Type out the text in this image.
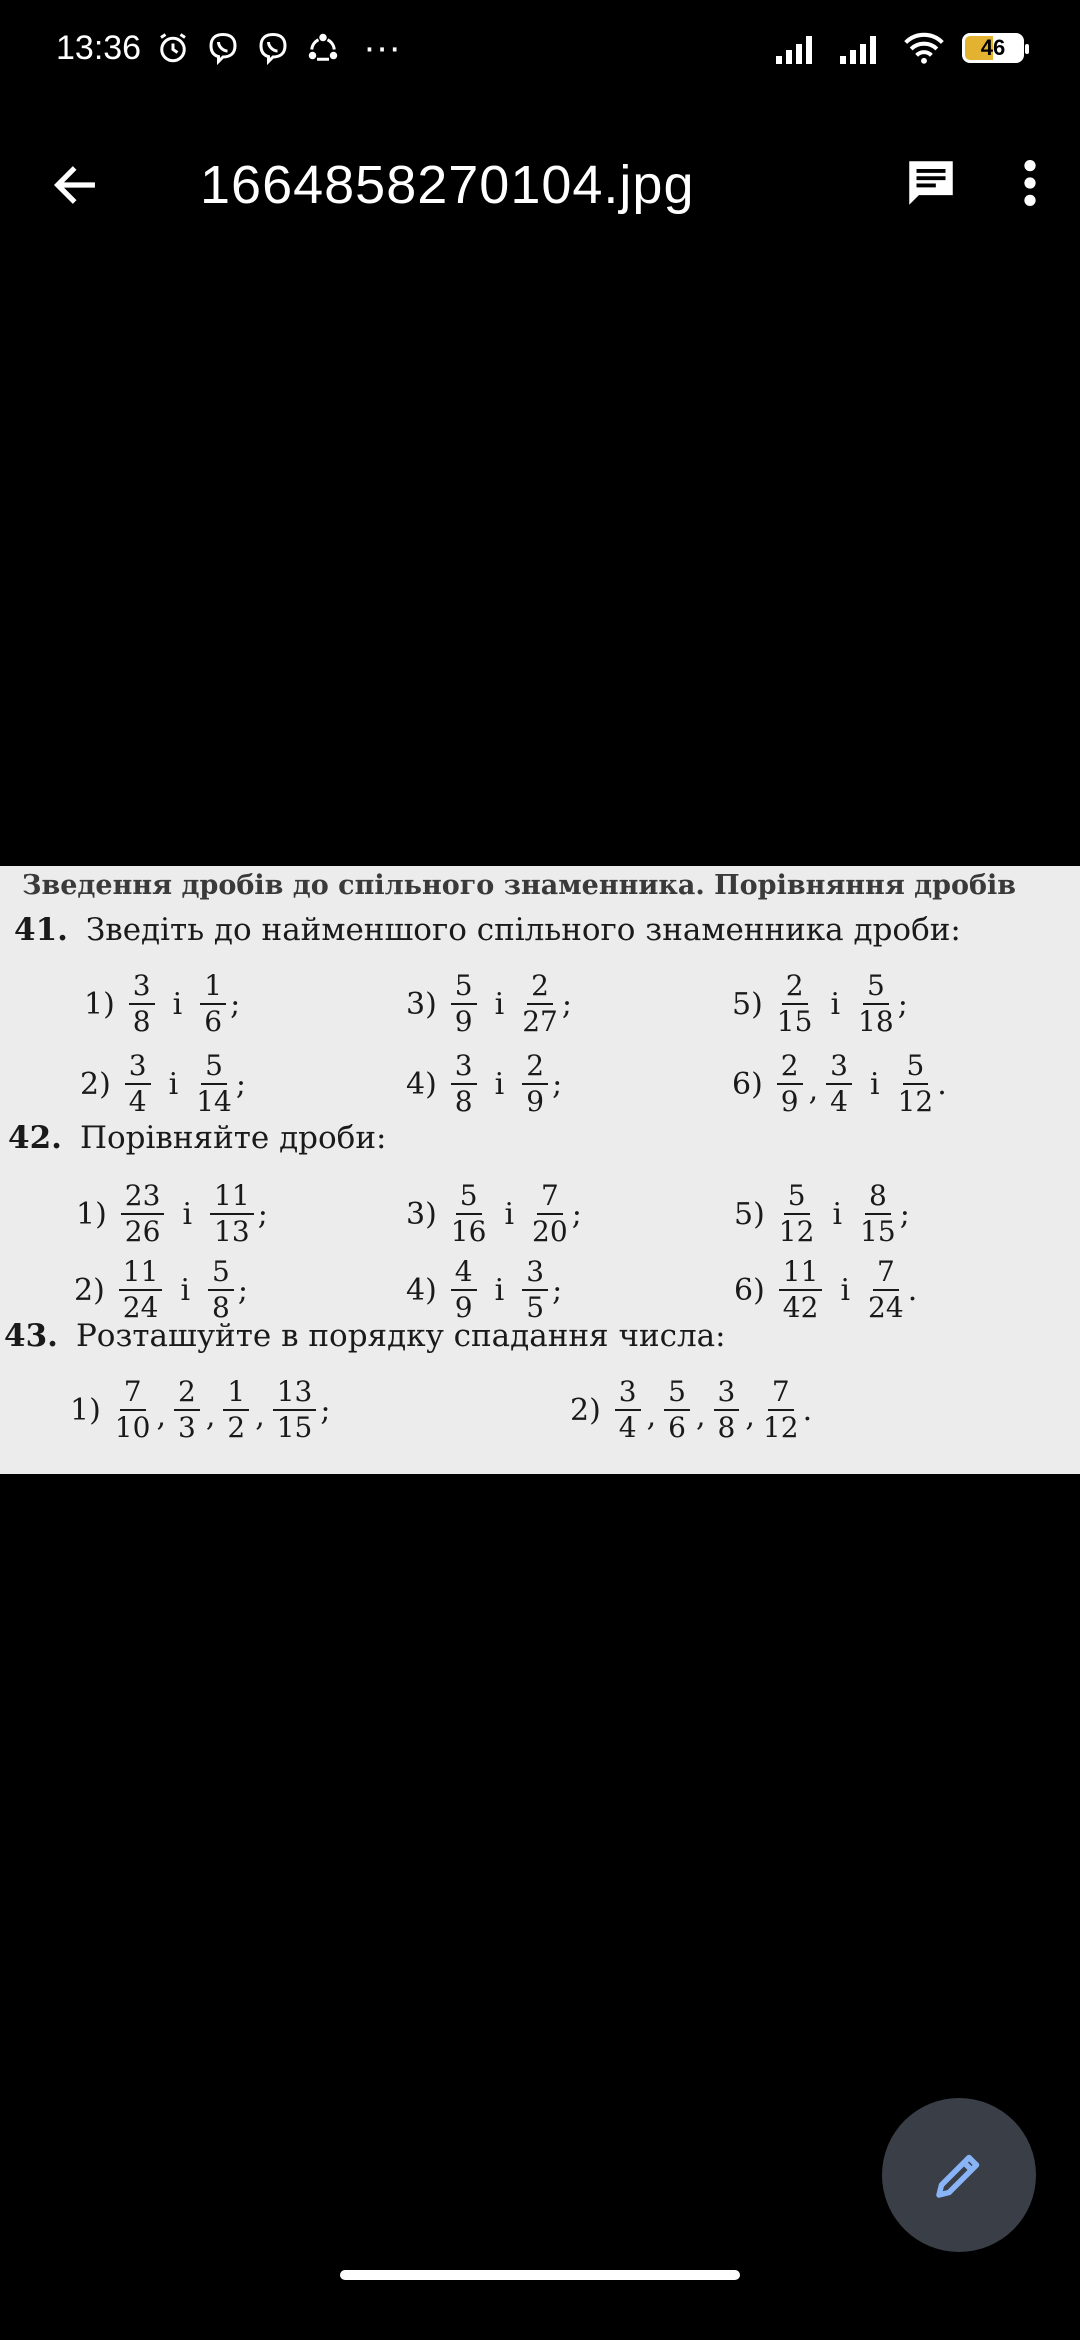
13:36	···	46
1664858270104.jpg
Зведення дробів до спільного знаменника. Порівняння дробів
41. Зведіть до найменшого спільного знаменника дроби:
$1) \frac{3}{8}$ і $\frac{1}{6}$ ;	$3) \frac{5}{9}$ і $\frac{2}{27}$ ;	$5) \frac{2}{15}$ і $\frac{5}{18}$ ;
$2) \frac{3}{4}$ і $\frac{5}{14}$ ;	$4) \frac{3}{8}$ і $\frac{2}{9}$ ;	$6) \frac{2}{9}$ , $\frac{3}{4}$ і $\frac{5}{12}$ .
42. Порівняйте дроби:
$1) \frac{23}{26}$ і $\frac{11}{13}$ ;	$3) \frac{5}{16}$ і $\frac{7}{20}$ ;	$5) \frac{5}{12}$ і $\frac{8}{15}$ ;
$2) \frac{11}{24}$ і $\frac{5}{8}$ ;	$4) \frac{4}{9}$ і $\frac{3}{5}$ ;	$6) \frac{11}{42}$ і $\frac{7}{24}$ .
43. Розташуйте в порядку спадання числа:
$1) \frac{7}{10}$ , $\frac{2}{3}$ , $\frac{1}{2}$ , $\frac{13}{15}$ ;	$2) \frac{3}{4}$ , $\frac{5}{6}$ , $\frac{3}{8}$ , $\frac{7}{12}$ .
